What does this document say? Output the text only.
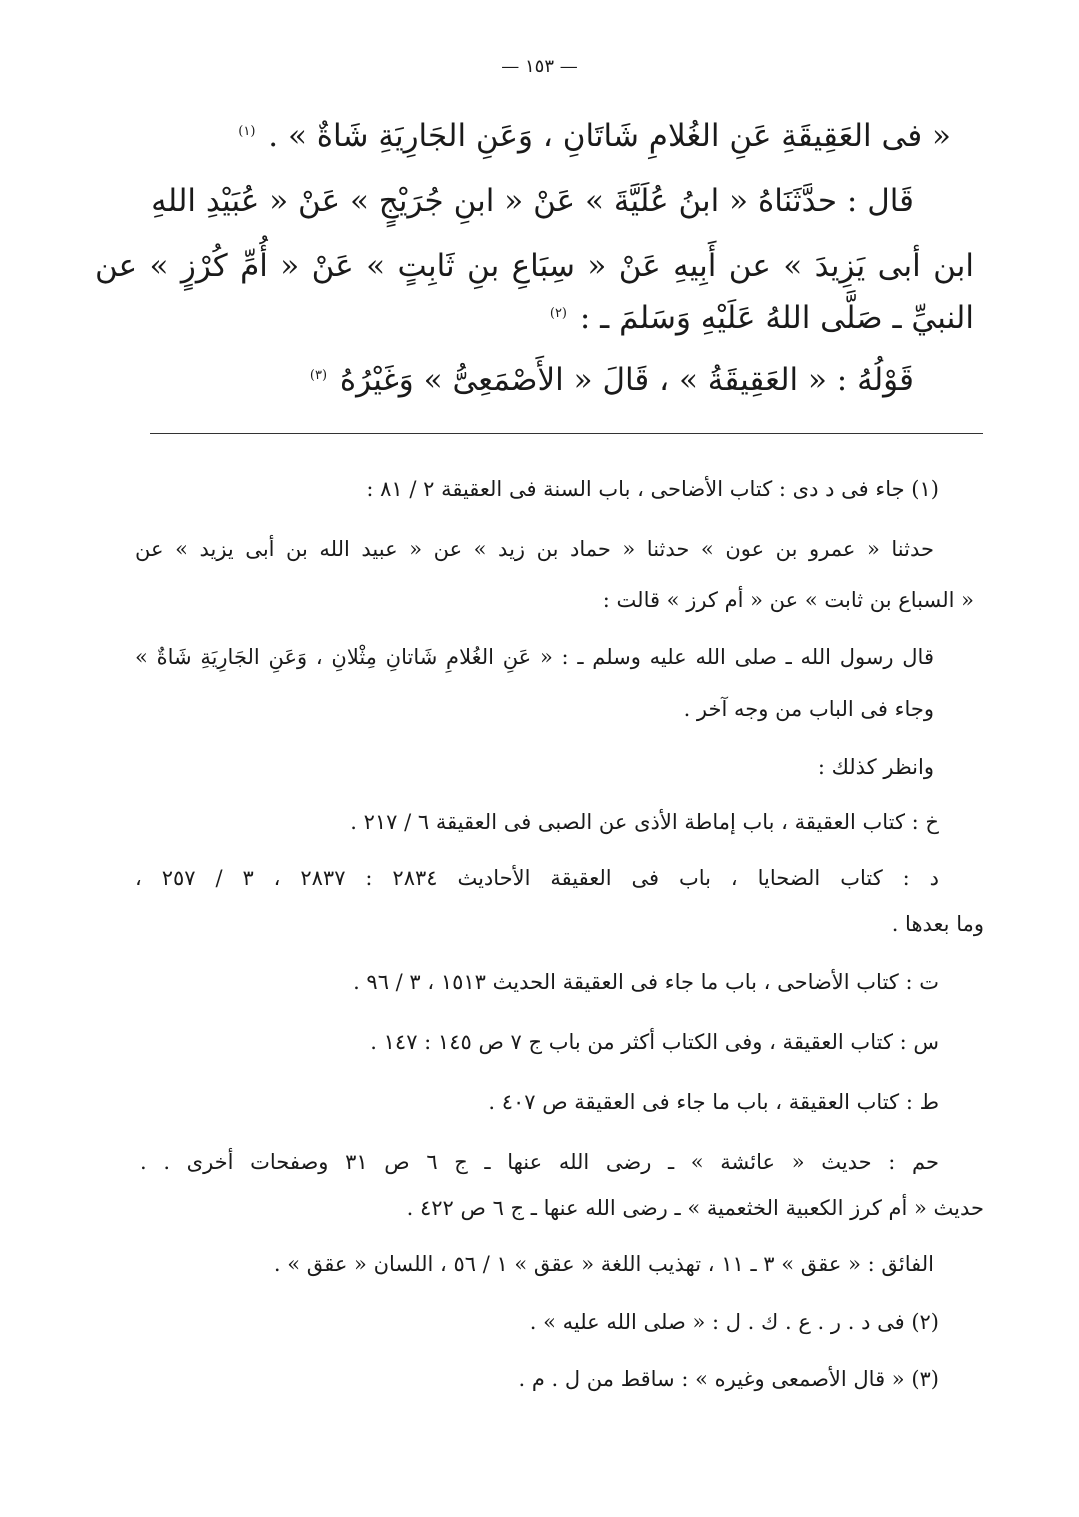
— ١٥٣ —
« فى العَقِيقَةِ عَنِ الغُلامِ شَاتَانِ ، وَعَنِ الجَارِيَةِ شَاةٌ » . $^{(١)}$
قَال : حدَّثَنَاهُ « ابنُ عُلَيَّةَ » عَنْ « ابنِ جُرَيْجٍ » عَنْ « عُبَيْدِ اللهِ
ابن أبى يَزِيدَ » عن أَبِيهِ عَنْ « سِبَاعِ بنِ ثَابِتٍ » عَنْ « أُمِّ كُرْزٍ » عن
النبيِّ ـ صَلَّى اللهُ عَلَيْهِ وَسَلمَ ـ : $^{(٢)}$
قَوْلُهُ : « العَقِيقَةُ » ، قَالَ « الأَصْمَعِىُّ » وَغَيْرُهُ $^{(٣)}$
(١) جاء فى د دى : كتاب الأضاحى ، باب السنة فى العقيقة ٢ / ٨١ :
حدثنا « عمرو بن عون » حدثنا « حماد بن زيد » عن « عبيد الله بن أبى يزيد » عن
« السباع بن ثابت » عن « أم كرز » قالت :
قال رسول الله ـ صلى الله عليه وسلم ـ : « عَنِ الغُلامِ شَاتانِ مِثْلانِ ، وَعَنِ الجَارِيَةِ شَاةٌ »
وجاء فى الباب من وجه آخر .
وانظر كذلك :
خ : كتاب العقيقة ، باب إماطة الأذى عن الصبى فى العقيقة ٦ / ٢١٧ .
د : كتاب الضحايا ، باب فى العقيقة الأحاديث ٢٨٣٤ : ٢٨٣٧ ، ٣ / ٢٥٧ ،
وما بعدها .
ت : كتاب الأضاحى ، باب ما جاء فى العقيقة الحديث ١٥١٣ ، ٣ / ٩٦ .
س : كتاب العقيقة ، وفى الكتاب أكثر من باب ج ٧ ص ١٤٥ : ١٤٧ .
ط : كتاب العقيقة ، باب ما جاء فى العقيقة ص ٤٠٧ .
حم : حديث « عائشة » ـ رضى الله عنها ـ ج ٦ ص ٣١ وصفحات أخرى . .
حديث « أم كرز الكعبية الخثعمية » ـ رضى الله عنها ـ ج ٦ ص ٤٢٢ .
الفائق : « عقق » ٣ ـ ١١ ، تهذيب اللغة « عقق » ١ / ٥٦ ، اللسان « عقق » .
(٢) فى د . ر . ع . ك . ل : « صلى الله عليه » .
(٣) « قال الأصمعى وغيره » : ساقط من ل . م .
